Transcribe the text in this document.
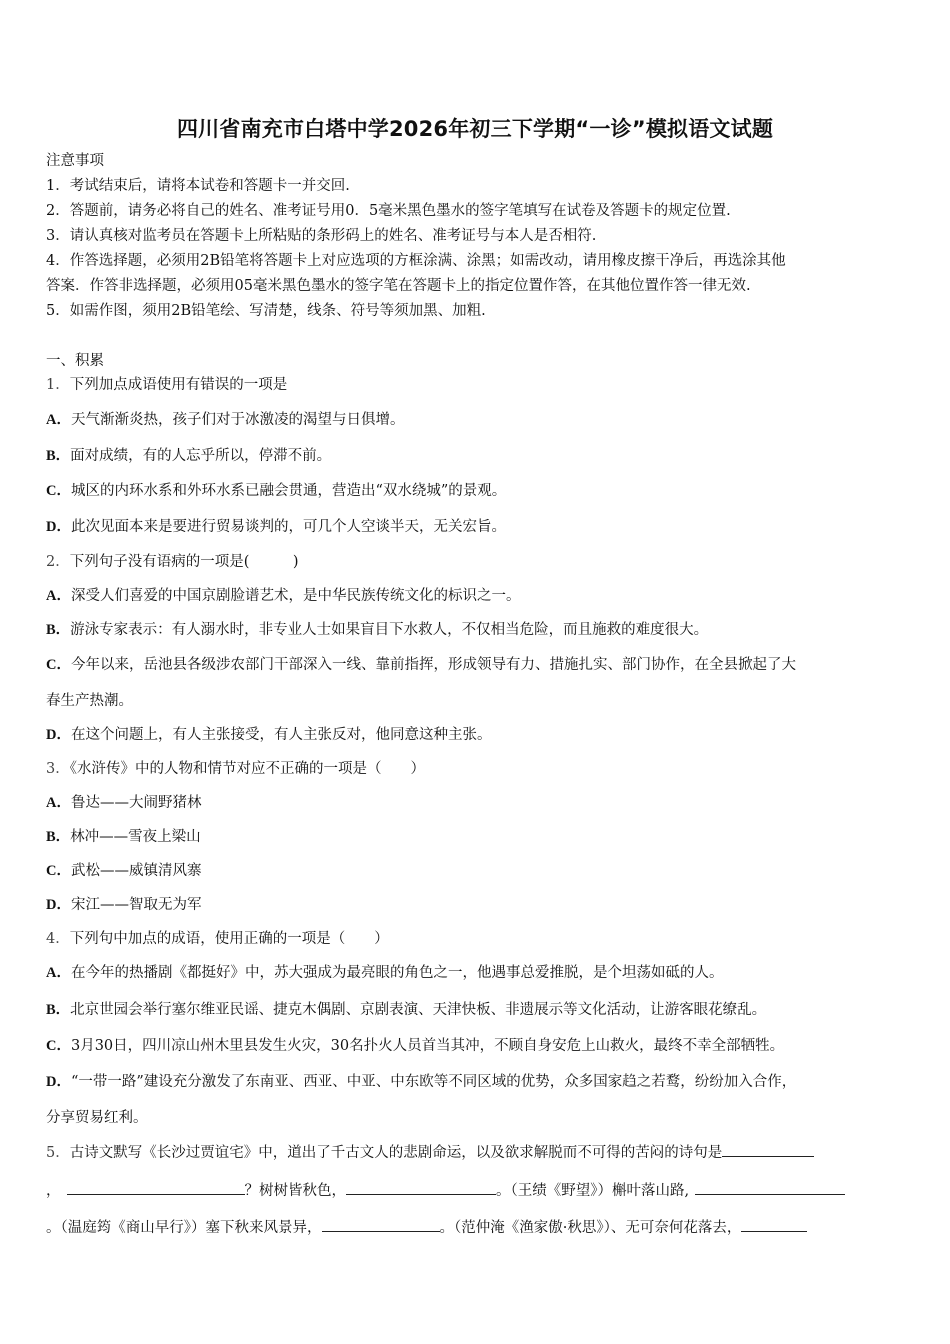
四川省南充市白塔中学2026年初三下学期“一诊”模拟语文试题
注意事项
1．考试结束后，请将本试卷和答题卡一并交回.
2．答题前，请务必将自己的姓名、准考证号用0．5毫米黑色墨水的签字笔填写在试卷及答题卡的规定位置.
3．请认真核对监考员在答题卡上所粘贴的条形码上的姓名、准考证号与本人是否相符.
4．作答选择题，必须用2B铅笔将答题卡上对应选项的方框涂满、涂黑；如需改动，请用橡皮擦干净后，再选涂其他
答案．作答非选择题，必须用05毫米黑色墨水的签字笔在答题卡上的指定位置作答，在其他位置作答一律无效.
5．如需作图，须用2B铅笔绘、写清楚，线条、符号等须加黑、加粗.
一、积累
1．下列加点成语使用有错误的一项是
A．天气渐渐炎热，孩子们对于冰激凌的渴望与日俱增。
B．面对成绩，有的人忘乎所以，停滞不前。
C．城区的内环水系和外环水系已融会贯通，营造出“双水绕城”的景观。
D．此次见面本来是要进行贸易谈判的，可几个人空谈半天，无关宏旨。
2．下列句子没有语病的一项是(　　　)
A．深受人们喜爱的中国京剧脸谱艺术，是中华民族传统文化的标识之一。
B．游泳专家表示：有人溺水时，非专业人士如果盲目下水救人，不仅相当危险，而且施救的难度很大。
C．今年以来，岳池县各级涉农部门干部深入一线、靠前指挥，形成领导有力、措施扎实、部门协作，在全县掀起了大
春生产热潮。
D．在这个问题上，有人主张接受，有人主张反对，他同意这种主张。
3．《水浒传》中的人物和情节对应不正确的一项是（　　）
A．鲁达——大闹野猪林
B．林冲——雪夜上梁山
C．武松——威镇清风寨
D．宋江——智取无为军
4．下列句中加点的成语，使用正确的一项是（　　）
A．在今年的热播剧《都挺好》中，苏大强成为最亮眼的角色之一，他遇事总爱推脱，是个坦荡如砥的人。
B．北京世园会举行塞尔维亚民谣、捷克木偶剧、京剧表演、天津快板、非遗展示等文化活动，让游客眼花缭乱。
C．3月30日，四川凉山州木里县发生火灾，30名扑火人员首当其冲，不顾自身安危上山救火，最终不幸全部牺牲。
D．“一带一路”建设充分激发了东南亚、西亚、中亚、中东欧等不同区域的优势，众多国家趋之若鹜，纷纷加入合作，
分享贸易红利。
5．古诗文默写《长沙过贾谊宅》中，道出了千古文人的悲剧命运，以及欲求解脱而不可得的苦闷的诗句是
，	？树树皆秋色，	。（王绩《野望》）槲叶落山路,
。（温庭筠《商山早行》）塞下秋来风景异，	。（范仲淹《渔家傲·秋思》）、无可奈何花落去，
